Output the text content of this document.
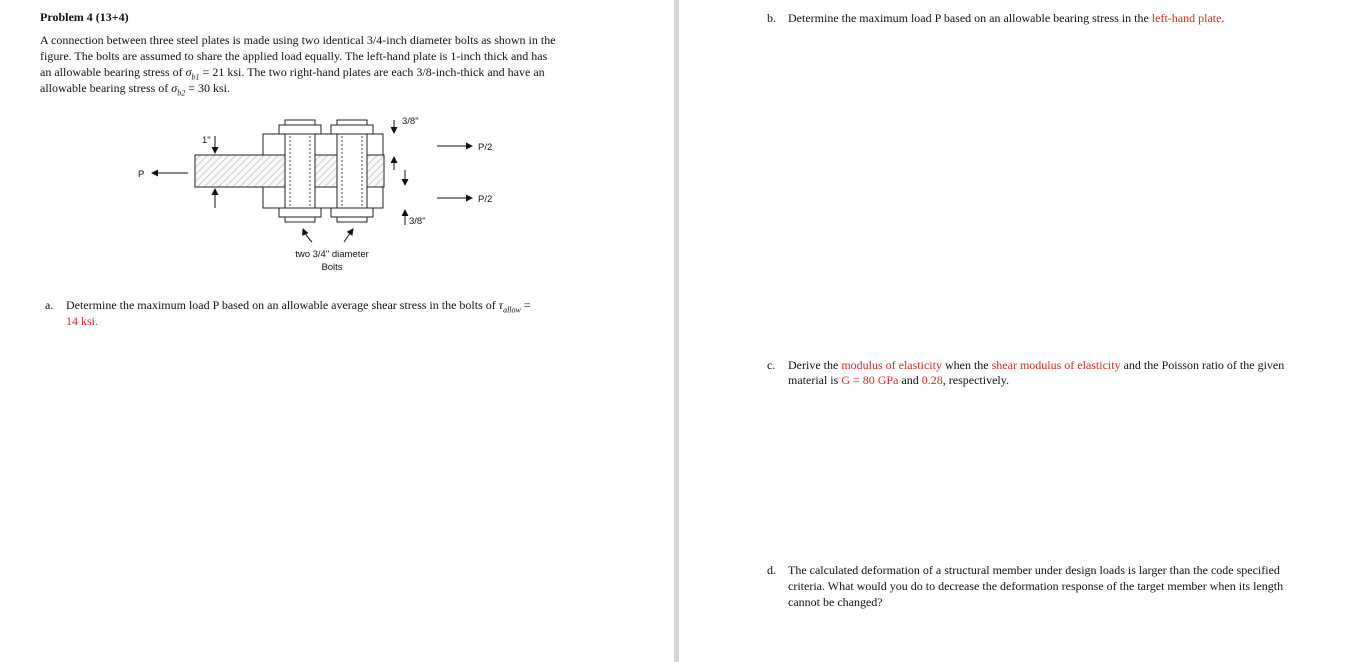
Problem 4 (13+4)
A connection between three steel plates is made using two identical 3/4-inch diameter bolts as shown in the
figure. The bolts are assumed to share the applied load equally. The left-hand plate is 1-inch thick and has
an allowable bearing stress of $\sigma_{b1} = 21$ ksi. The two right-hand plates are each 3/8-inch-thick and have an
allowable bearing stress of $\sigma_{b2} = 30$ ksi.
1"
P
3/8"
3/8"
P/2
P/2
two 3/4" diameter
Bolts
a. Determine the maximum load P based on an allowable average shear stress in the bolts of $\tau_{allow}$ =
14 ksi.
b. Determine the maximum load P based on an allowable bearing stress in the left-hand plate.
c. Derive the modulus of elasticity when the shear modulus of elasticity and the Poisson ratio of the given
material is G = 80 GPa and 0.28, respectively.
d. The calculated deformation of a structural member under design loads is larger than the code specified
criteria. What would you do to decrease the deformation response of the target member when its length
cannot be changed?
